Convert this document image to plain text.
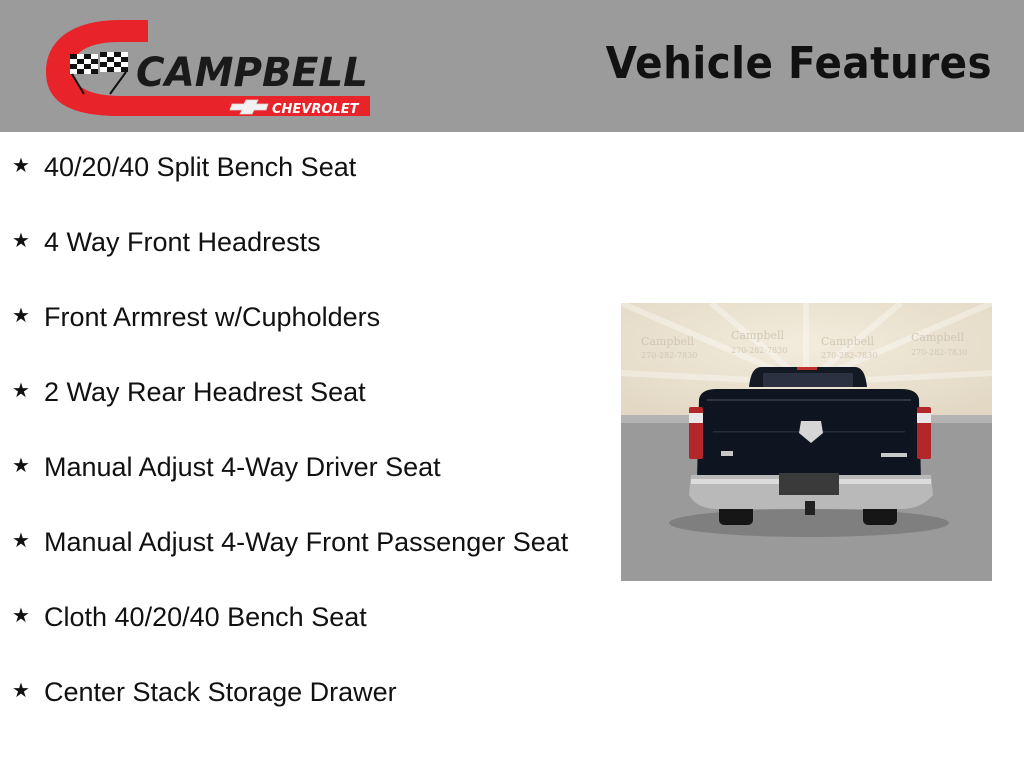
CAMPBELL
CHEVROLET
Vehicle Features
★ 40/20/40 Split Bench Seat
★ 4 Way Front Headrests
★ Front Armrest w/Cupholders
★ 2 Way Rear Headrest Seat
★ Manual Adjust 4-Way Driver Seat
★ Manual Adjust 4-Way Front Passenger Seat
★ Cloth 40/20/40 Bench Seat
★ Center Stack Storage Drawer
Campbell	Campbell	Campbell	Campbell
270-282-7830
270-282-7830
270-282-7830	270-282-7830
